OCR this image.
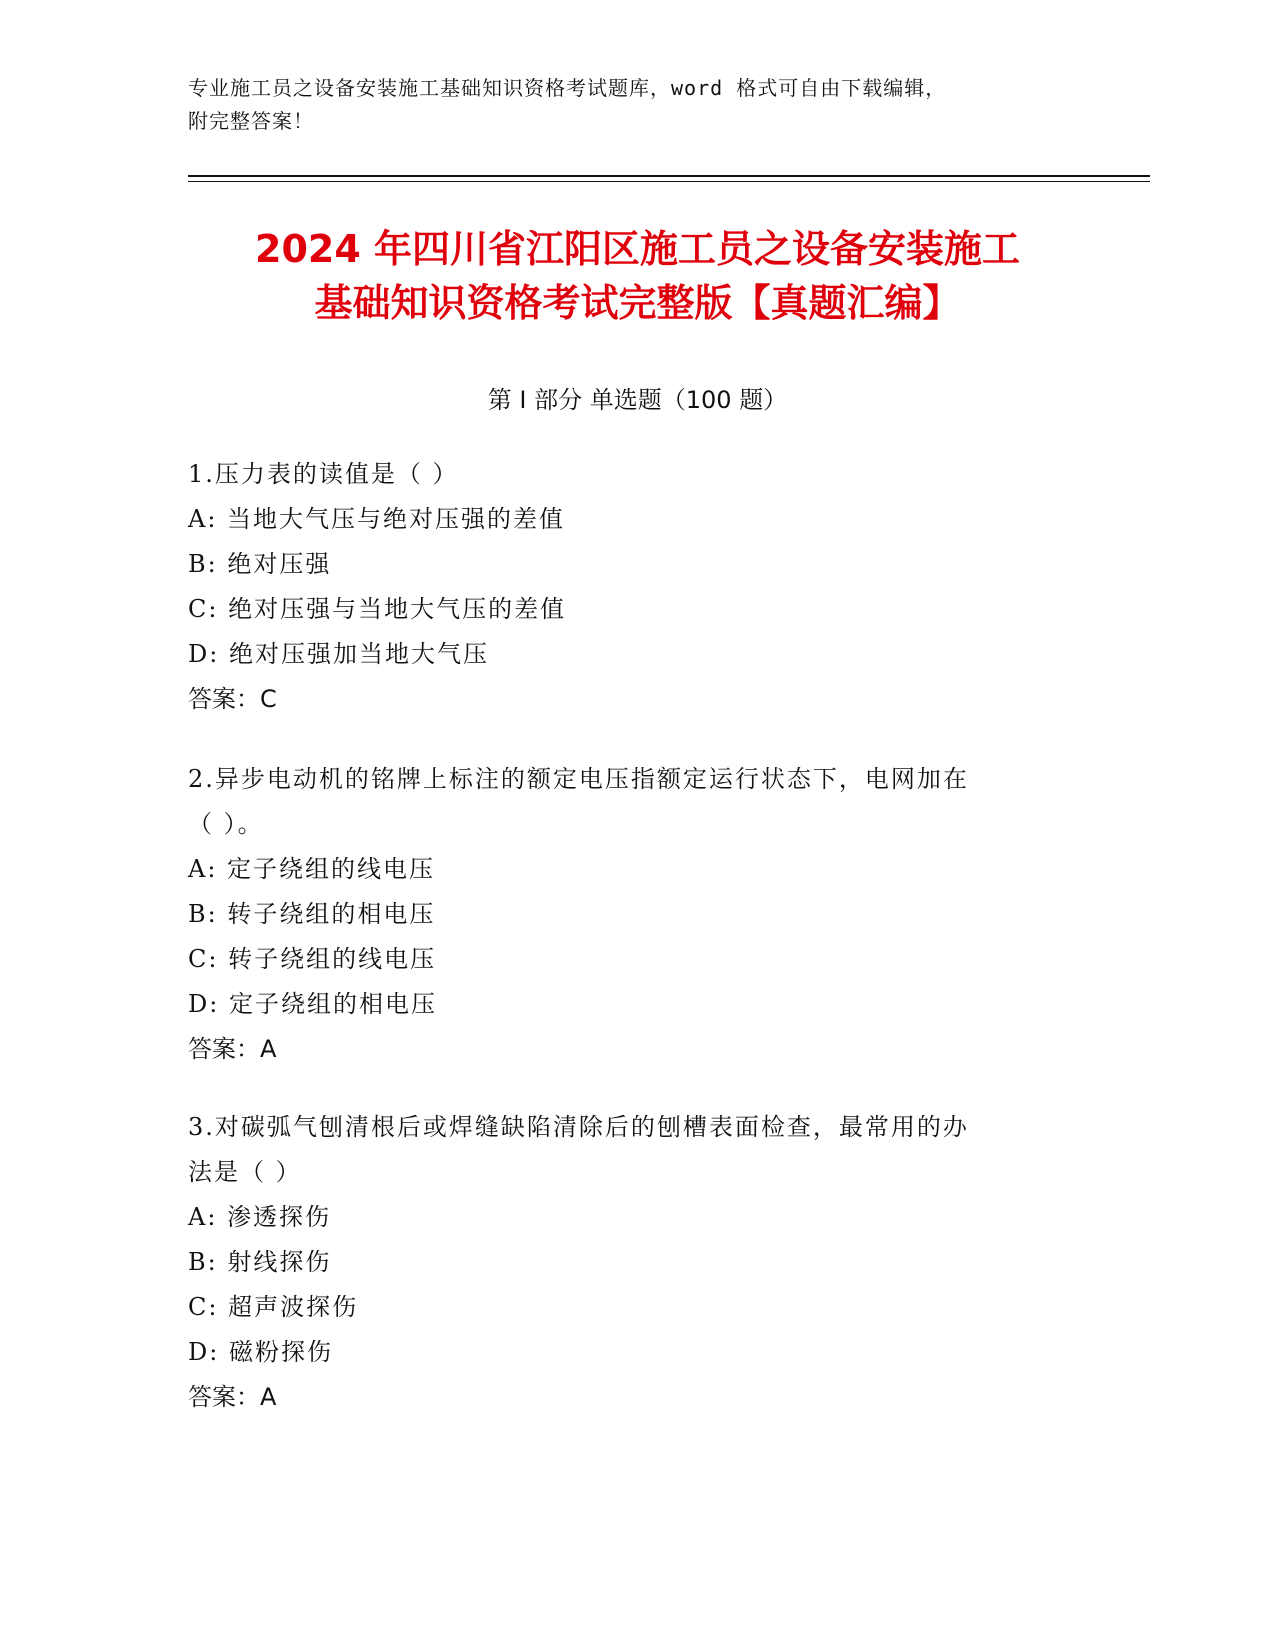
专业施工员之设备安装施工基础知识资格考试题库，word 格式可自由下载编辑，
附完整答案！
2024 年四川省江阳区施工员之设备安装施工
基础知识资格考试完整版【真题汇编】
第 I 部分 单选题（100 题）
1.压力表的读值是（ ）
A: 当地大气压与绝对压强的差值
B: 绝对压强
C: 绝对压强与当地大气压的差值
D: 绝对压强加当地大气压
答案：C
2.异步电动机的铭牌上标注的额定电压指额定运行状态下，电网加在
（ ）。
A: 定子绕组的线电压
B: 转子绕组的相电压
C: 转子绕组的线电压
D: 定子绕组的相电压
答案：A
3.对碳弧气刨清根后或焊缝缺陷清除后的刨槽表面检查，最常用的办
法是（ ）
A: 渗透探伤
B: 射线探伤
C: 超声波探伤
D: 磁粉探伤
答案：A
